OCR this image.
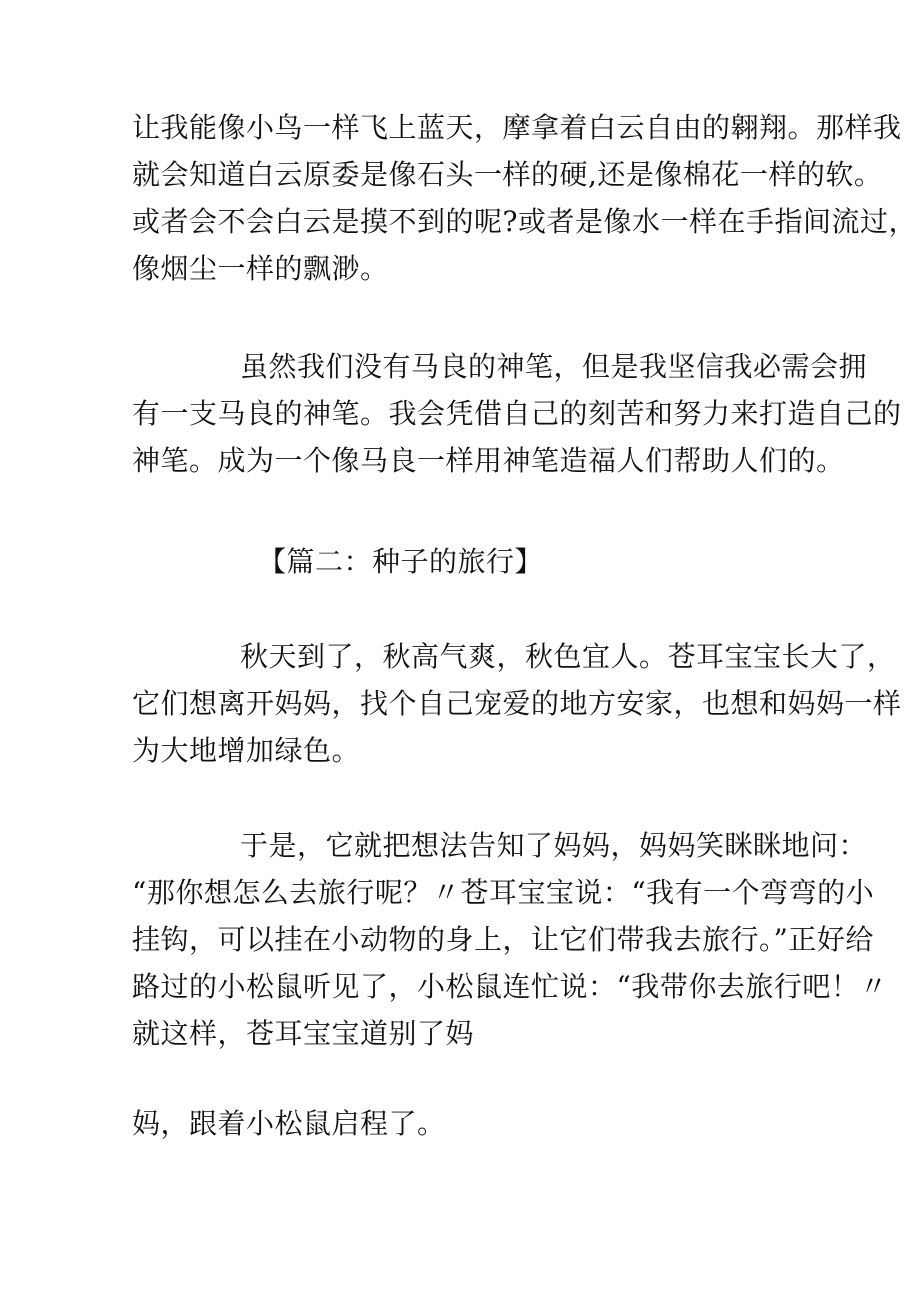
让我能像小鸟一样飞上蓝天，摩拿着白云自由的翱翔。那样我
就会知道白云原委是像石头一样的硬,还是像棉花一样的软。
或者会不会白云是摸不到的呢?或者是像水一样在手指间流过，
像烟尘一样的飘渺。

虽然我们没有马良的神笔，但是我坚信我必需会拥
有一支马良的神笔。我会凭借自己的刻苦和努力来打造自己的
神笔。成为一个像马良一样用神笔造福人们帮助人们的。

【篇二：种子的旅行】

秋天到了，秋高气爽，秋色宜人。苍耳宝宝长大了，
它们想离开妈妈，找个自己宠爱的地方安家，也想和妈妈一样
为大地增加绿色。

于是，它就把想法告知了妈妈，妈妈笑眯眯地问：
“那你想怎么去旅行呢？〃苍耳宝宝说：“我有一个弯弯的小
挂钩，可以挂在小动物的身上，让它们带我去旅行。”正好给
路过的小松鼠听见了，小松鼠连忙说：“我带你去旅行吧！〃
就这样，苍耳宝宝道别了妈

妈，跟着小松鼠启程了。
